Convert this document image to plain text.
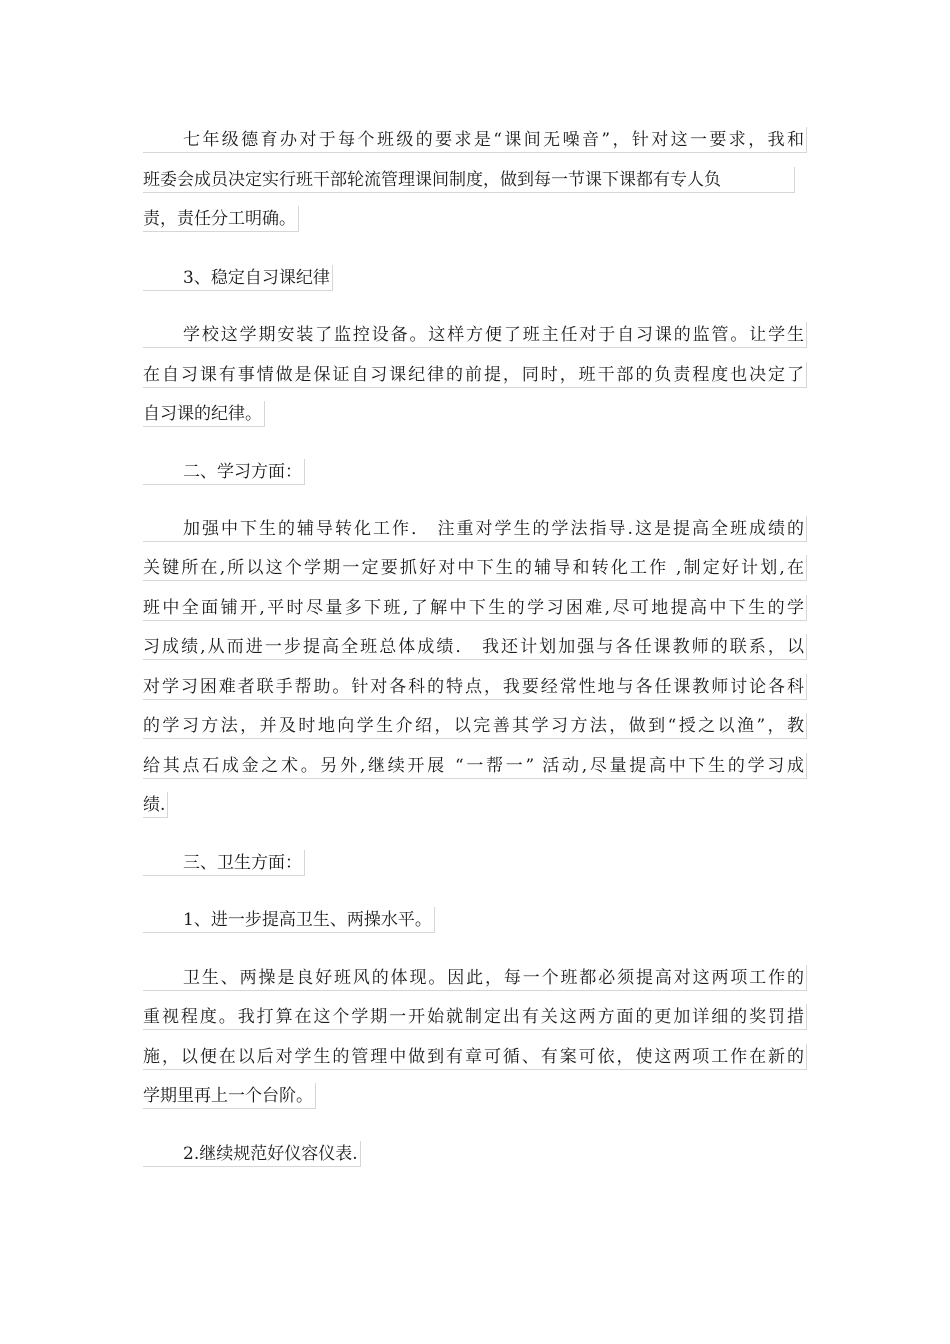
七年级德育办对于每个班级的要求是“课间无噪音”，针对这一要求，我和
班委会成员决定实行班干部轮流管理课间制度，做到每一节课下课都有专人负
责，责任分工明确。
3、稳定自习课纪律
学校这学期安装了监控设备。这样方便了班主任对于自习课的监管。让学生
在自习课有事情做是保证自习课纪律的前提，同时，班干部的负责程度也决定了
自习课的纪律。
二、学习方面：
加强中下生的辅导转化工作． 注重对学生的学法指导.这是提高全班成绩的
关键所在,所以这个学期一定要抓好对中下生的辅导和转化工作 ,制定好计划,在
班中全面铺开,平时尽量多下班,了解中下生的学习困难,尽可地提高中下生的学
习成绩,从而进一步提高全班总体成绩． 我还计划加强与各任课教师的联系，以
对学习困难者联手帮助。针对各科的特点，我要经常性地与各任课教师讨论各科
的学习方法，并及时地向学生介绍，以完善其学习方法，做到“授之以渔”，教
给其点石成金之术。另外,继续开展 “一帮一” 活动,尽量提高中下生的学习成
绩.
三、卫生方面：
1、进一步提高卫生、两操水平。
卫生、两操是良好班风的体现。因此，每一个班都必须提高对这两项工作的
重视程度。我打算在这个学期一开始就制定出有关这两方面的更加详细的奖罚措
施，以便在以后对学生的管理中做到有章可循、有案可依，使这两项工作在新的
学期里再上一个台阶。
2.继续规范好仪容仪表.
